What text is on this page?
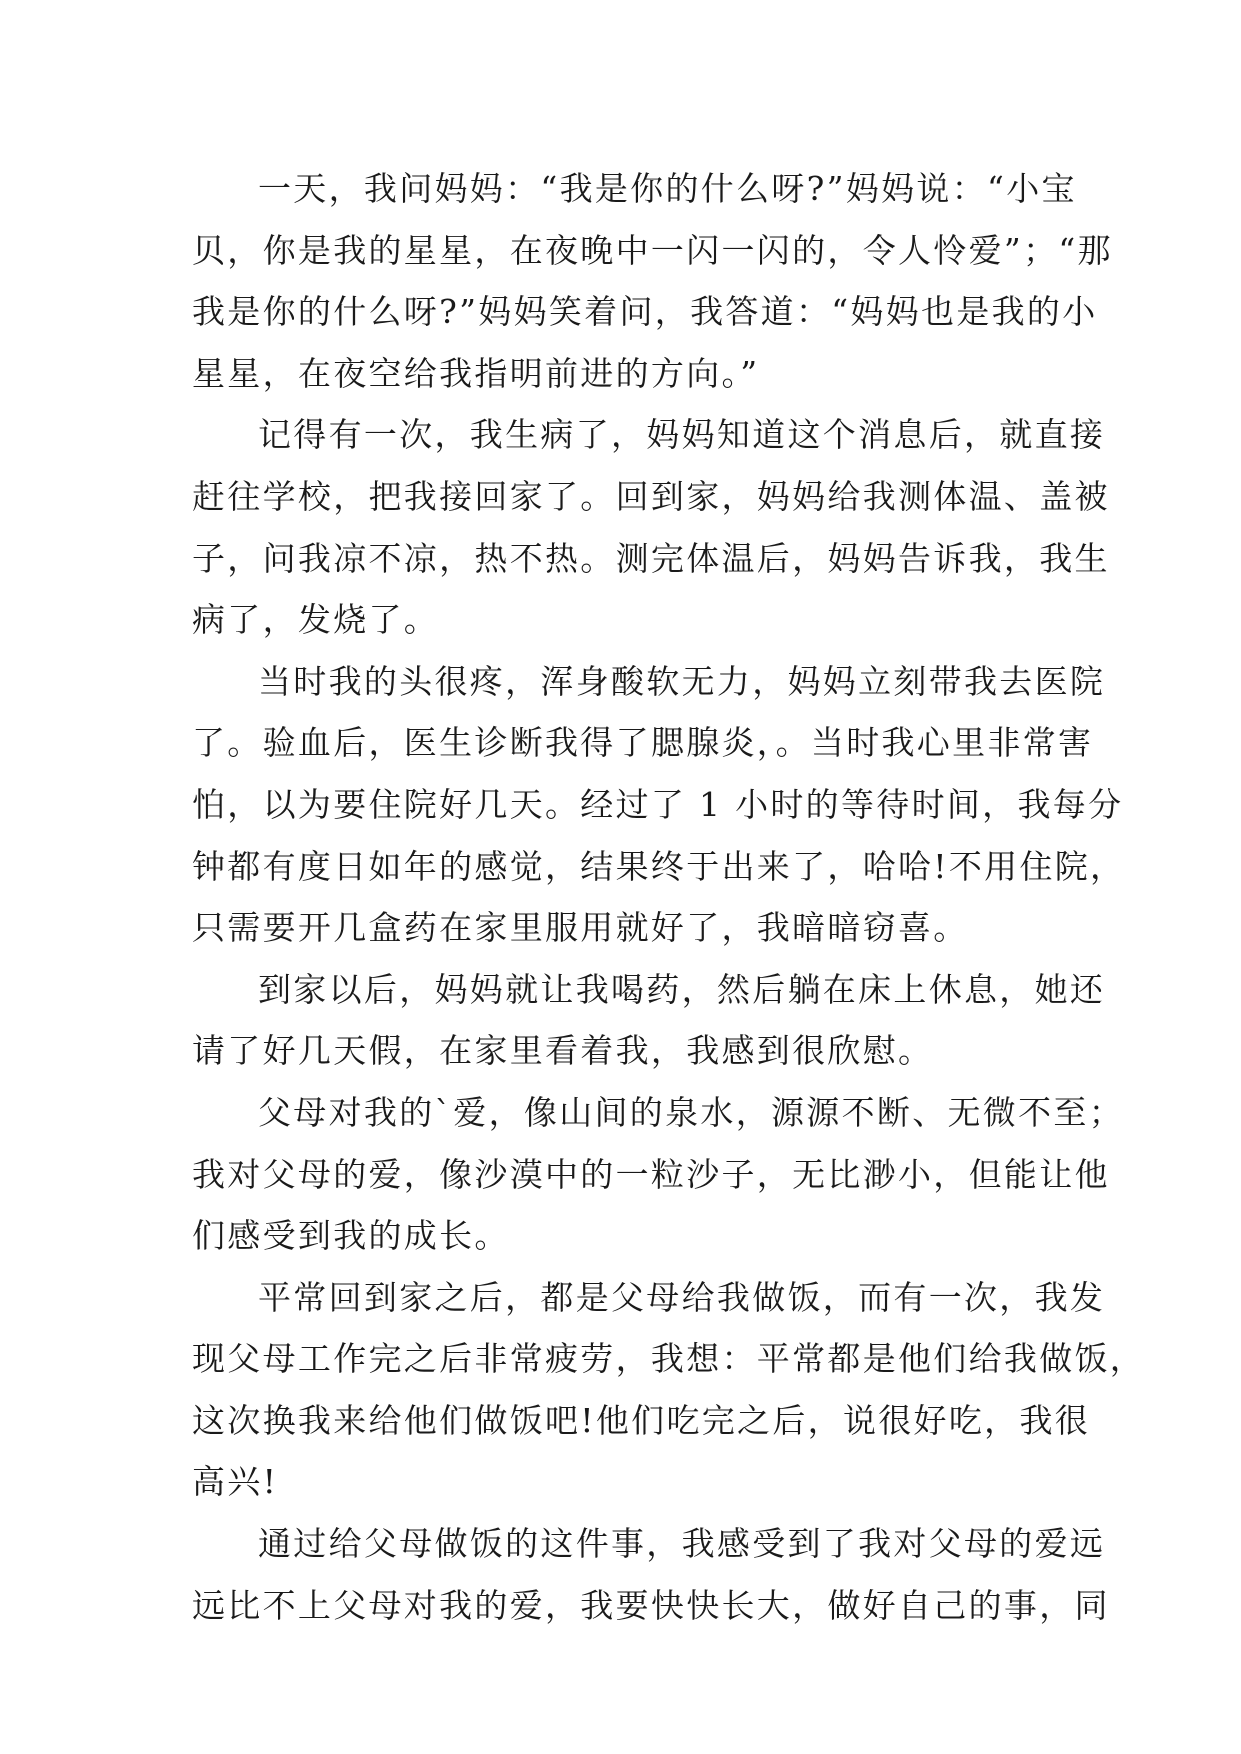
一天，我问妈妈：“我是你的什么呀?”妈妈说：“小宝
贝，你是我的星星，在夜晚中一闪一闪的，令人怜爱”；“那
我是你的什么呀?”妈妈笑着问，我答道：“妈妈也是我的小
星星，在夜空给我指明前进的方向。”

记得有一次，我生病了，妈妈知道这个消息后，就直接
赶往学校，把我接回家了。回到家，妈妈给我测体温、盖被
子，问我凉不凉，热不热。测完体温后，妈妈告诉我，我生
病了，发烧了。

当时我的头很疼，浑身酸软无力，妈妈立刻带我去医院
了。验血后，医生诊断我得了腮腺炎，。当时我心里非常害
怕，以为要住院好几天。经过了 1 小时的等待时间，我每分
钟都有度日如年的感觉，结果终于出来了，哈哈!不用住院，
只需要开几盒药在家里服用就好了，我暗暗窃喜。

到家以后，妈妈就让我喝药，然后躺在床上休息，她还
请了好几天假，在家里看着我，我感到很欣慰。

父母对我的`爱，像山间的泉水，源源不断、无微不至；
我对父母的爱，像沙漠中的一粒沙子，无比渺小，但能让他
们感受到我的成长。

平常回到家之后，都是父母给我做饭，而有一次，我发
现父母工作完之后非常疲劳，我想：平常都是他们给我做饭，
这次换我来给他们做饭吧!他们吃完之后，说很好吃，我很
高兴!

通过给父母做饭的这件事，我感受到了我对父母的爱远
远比不上父母对我的爱，我要快快长大，做好自己的事，同
